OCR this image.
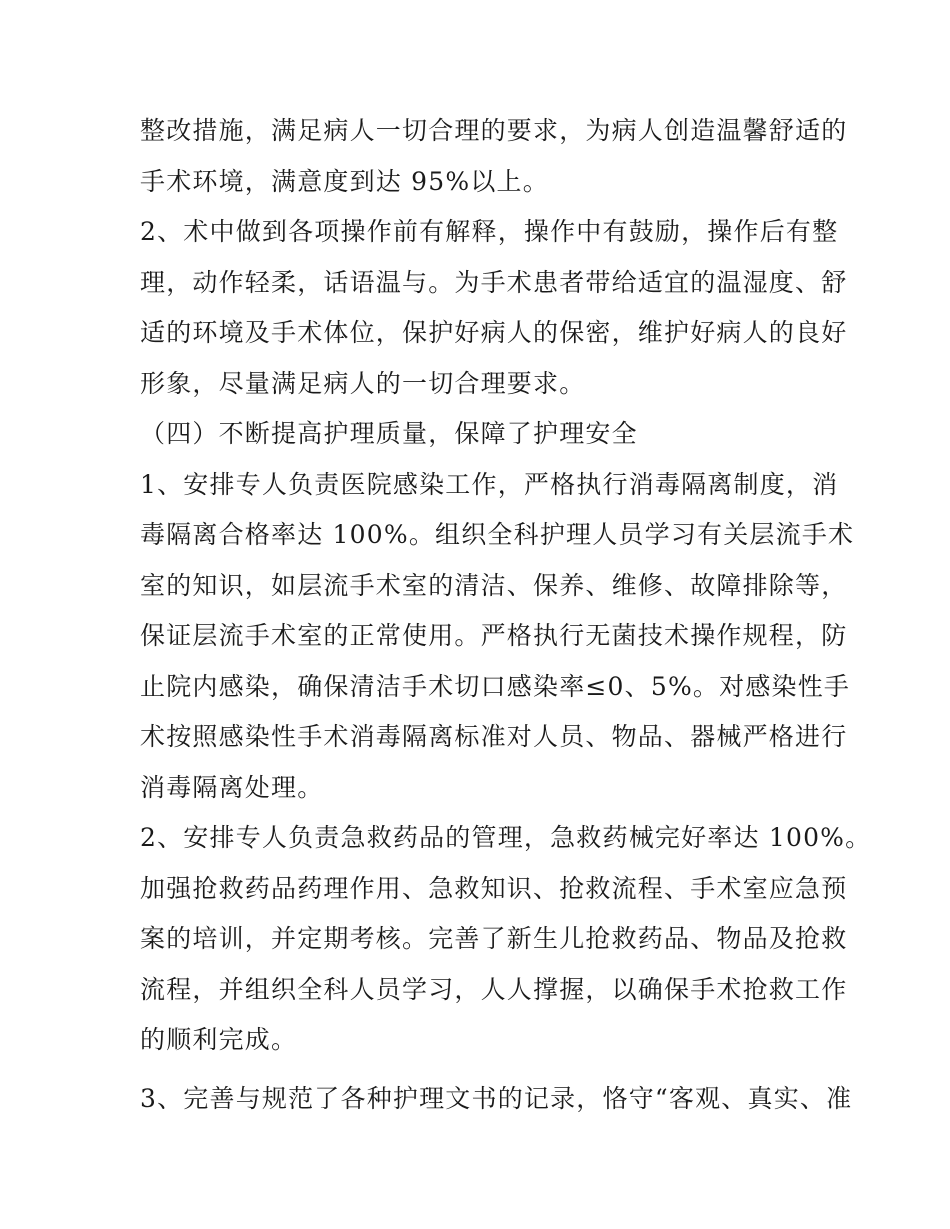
整改措施，满足病人一切合理的要求，为病人创造温馨舒适的
手术环境，满意度到达 95%以上。
2、术中做到各项操作前有解释，操作中有鼓励，操作后有整
理，动作轻柔，话语温与。为手术患者带给适宜的温湿度、舒
适的环境及手术体位，保护好病人的保密，维护好病人的良好
形象，尽量满足病人的一切合理要求。
（四）不断提高护理质量，保障了护理安全
1、安排专人负责医院感染工作，严格执行消毒隔离制度，消
毒隔离合格率达 100%。组织全科护理人员学习有关层流手术
室的知识，如层流手术室的清洁、保养、维修、故障排除等，
保证层流手术室的正常使用。严格执行无菌技术操作规程，防
止院内感染，确保清洁手术切口感染率≤0、5%。对感染性手
术按照感染性手术消毒隔离标准对人员、物品、器械严格进行
消毒隔离处理。
2、安排专人负责急救药品的管理，急救药械完好率达 100%。
加强抢救药品药理作用、急救知识、抢救流程、手术室应急预
案的培训，并定期考核。完善了新生儿抢救药品、物品及抢救
流程，并组织全科人员学习，人人撑握，以确保手术抢救工作
的顺利完成。
3、完善与规范了各种护理文书的记录，恪守“客观、真实、准
